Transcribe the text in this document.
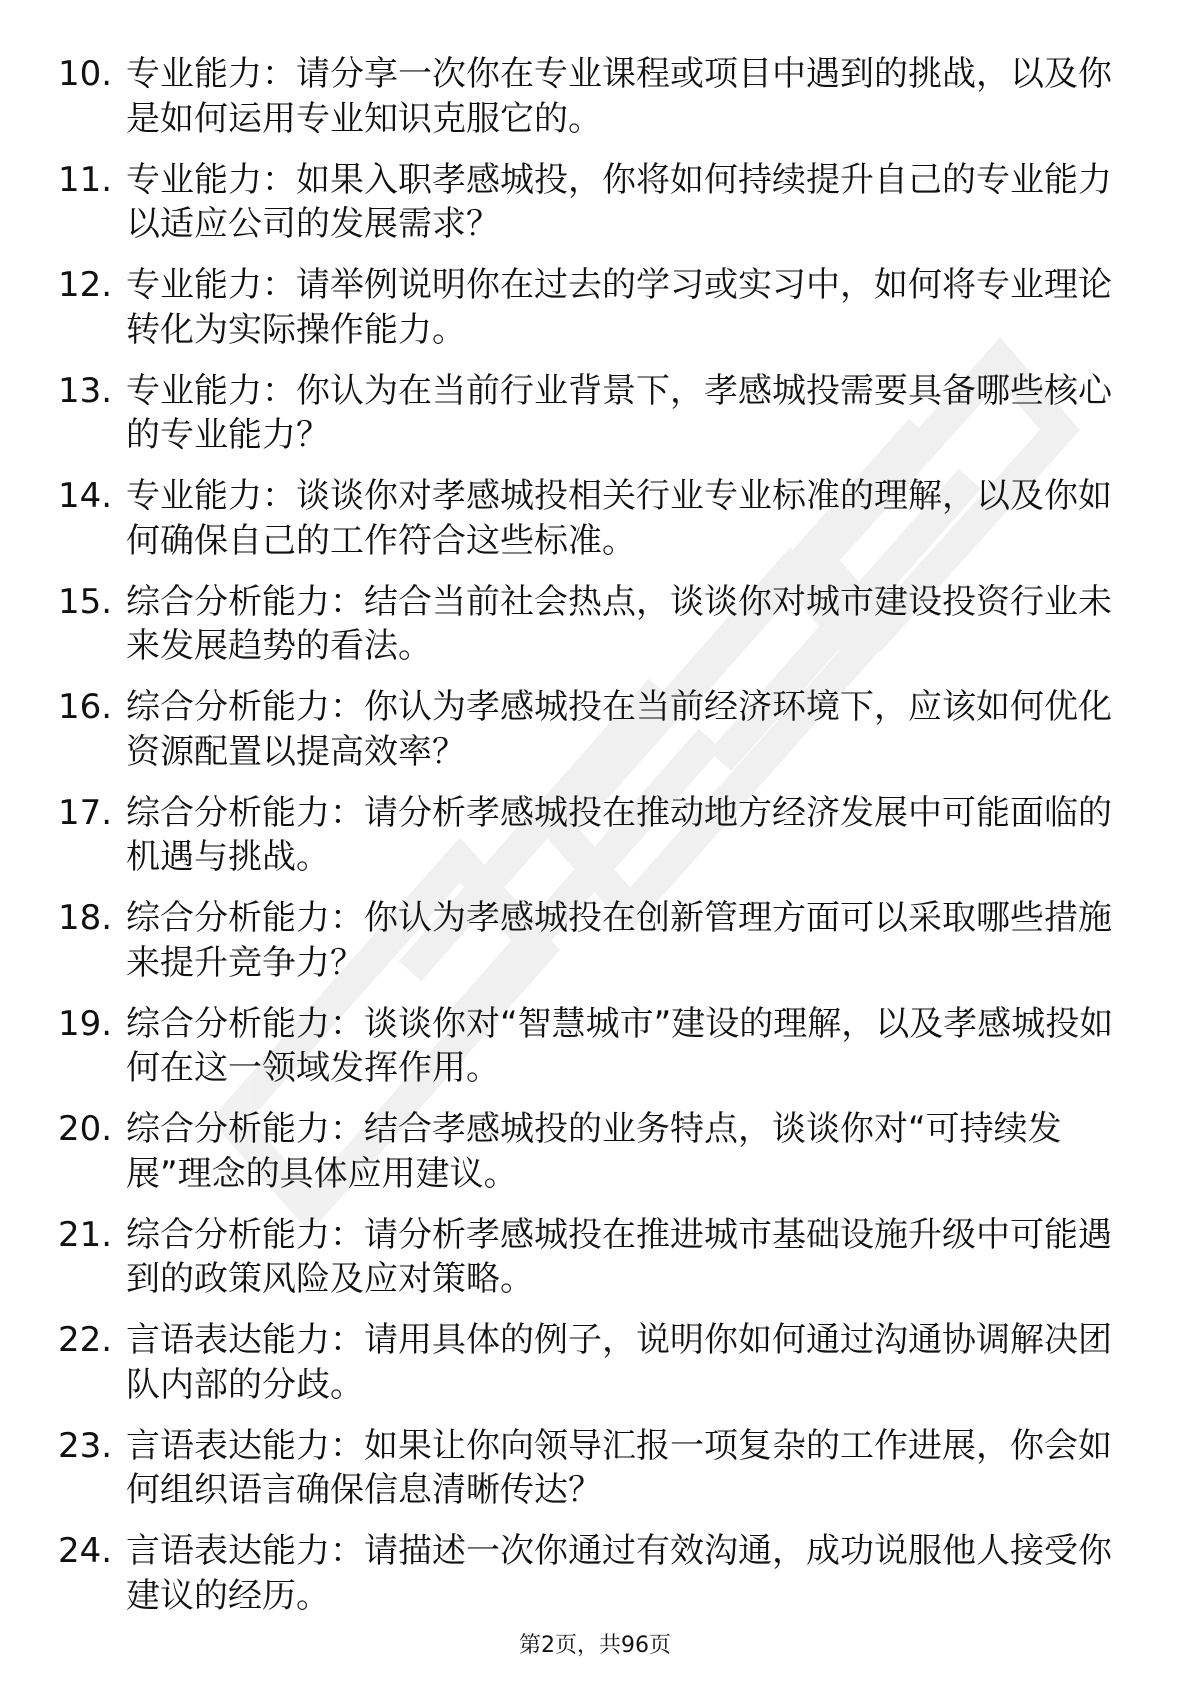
10. 专业能力：请分享一次你在专业课程或项目中遇到的挑战，以及你是如何运用专业知识克服它的。
11. 专业能力：如果入职孝感城投，你将如何持续提升自己的专业能力以适应公司的发展需求？
12. 专业能力：请举例说明你在过去的学习或实习中，如何将专业理论转化为实际操作能力。
13. 专业能力：你认为在当前行业背景下，孝感城投需要具备哪些核心的专业能力？
14. 专业能力：谈谈你对孝感城投相关行业专业标准的理解，以及你如何确保自己的工作符合这些标准。
15. 综合分析能力：结合当前社会热点，谈谈你对城市建设投资行业未来发展趋势的看法。
16. 综合分析能力：你认为孝感城投在当前经济环境下，应该如何优化资源配置以提高效率？
17. 综合分析能力：请分析孝感城投在推动地方经济发展中可能面临的机遇与挑战。
18. 综合分析能力：你认为孝感城投在创新管理方面可以采取哪些措施来提升竞争力？
19. 综合分析能力：谈谈你对“智慧城市”建设的理解，以及孝感城投如何在这一领域发挥作用。
20. 综合分析能力：结合孝感城投的业务特点，谈谈你对“可持续发展”理念的具体应用建议。
21. 综合分析能力：请分析孝感城投在推进城市基础设施升级中可能遇到的政策风险及应对策略。
22. 言语表达能力：请用具体的例子，说明你如何通过沟通协调解决团队内部的分歧。
23. 言语表达能力：如果让你向领导汇报一项复杂的工作进展，你会如何组织语言确保信息清晰传达？
24. 言语表达能力：请描述一次你通过有效沟通，成功说服他人接受你建议的经历。
第2页，共96页
